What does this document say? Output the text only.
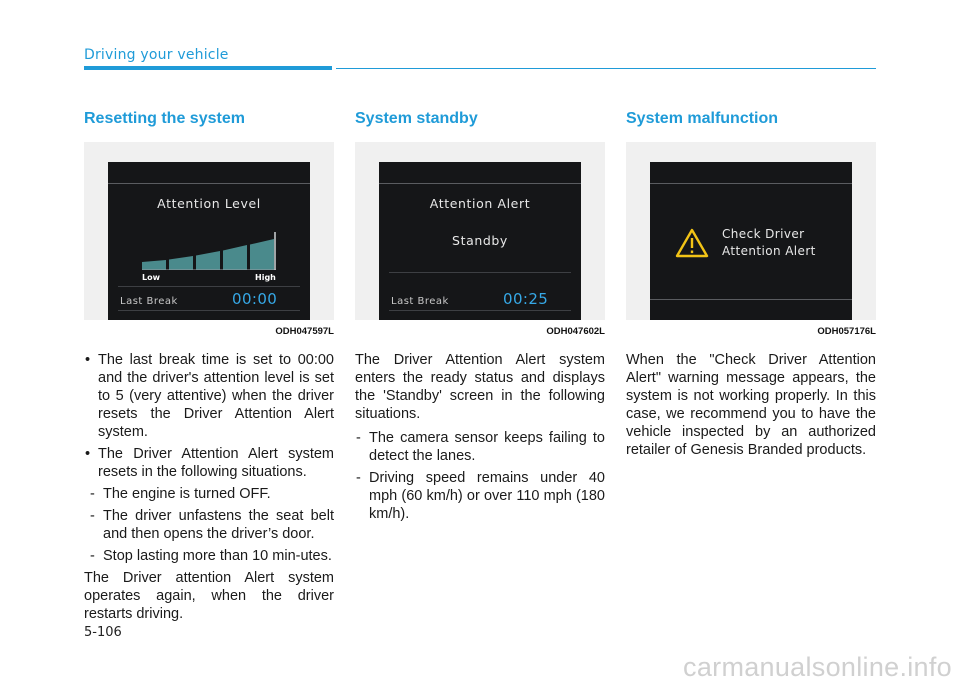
Driving your vehicle
Resetting the system
Attention Level
Low	High
Last Break	00:00
ODH047597L
• The last break time is set to 00:00 and the driver's attention level is set to 5 (very attentive) when the driver resets the Driver Attention Alert system.
• The Driver Attention Alert system resets in the following situations.
- The engine is turned OFF.
- The driver unfastens the seat belt and then opens the driver’s door.
- Stop lasting more than 10 min-utes.

The Driver attention Alert system operates again, when the driver restarts driving.

System standby
Attention Alert
Standby
Last Break	00:25
ODH047602L

The Driver Attention Alert system enters the ready status and displays the 'Standby' screen in the following situations.

- The camera sensor keeps failing to detect the lanes.
- Driving speed remains under 40 mph (60 km/h) or over 110 mph (180 km/h).
System malfunction
Check Driver
Attention Alert
ODH057176L

When the "Check Driver Attention Alert" warning message appears, the system is not working properly. In this case, we recommend you to have the vehicle inspected by an authorized retailer of Genesis Branded products.

5-106
carmanualsonline.info
